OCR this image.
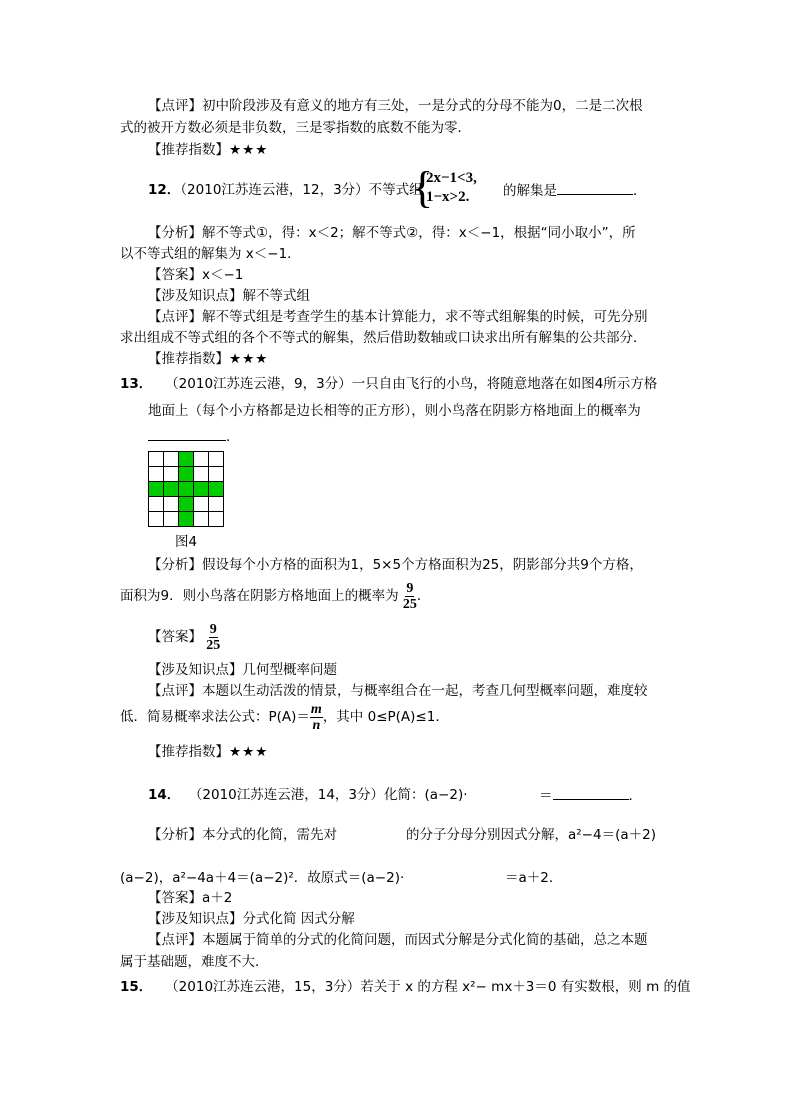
【点评】初中阶段涉及有意义的地方有三处，一是分式的分母不能为0，二是二次根
式的被开方数必须是非负数，三是零指数的底数不能为零．
【推荐指数】★★★
12．（2010江苏连云港，12，3分）不等式组
{
2x−1<3,
1−x>2. 的解集是	．
【分析】解不等式①，得：x＜2；解不等式②，得：x＜−1，根据“同小取小”，所
以不等式组的解集为 x＜−1．
【答案】x＜−1
【涉及知识点】解不等式组
【点评】解不等式组是考查学生的基本计算能力，求不等式组解集的时候，可先分别
求出组成不等式组的各个不等式的解集，然后借助数轴或口诀求出所有解集的公共部分．
【推荐指数】★★★
13． （2010江苏连云港，9，3分）一只自由飞行的小鸟，将随意地落在如图4所示方格
地面上（每个小方格都是边长相等的正方形），则小鸟落在阴影方格地面上的概率为
．

图4
【分析】假设每个小方格的面积为1，5×5个方格面积为25，阴影部分共9个方格，
面积为9．则小鸟落在阴影方格地面上的概率为 $\frac{9}{25}$ ．
【答案】 $\frac{9}{25}$
【涉及知识点】几何型概率问题
【点评】本题以生动活泼的情景，与概率组合在一起，考查几何型概率问题，难度较
低．简易概率求法公式：$P(A)= \frac{m}{n}$ ，其中 0≤P(A)≤1．
【推荐指数】★★★
14． （2010江苏连云港，14，3分）化简：(a−2)·	＝	．
【分析】本分式的化简，需先对	的分子分母分别因式分解，a²−4＝(a＋2)
(a−2)，a²−4a＋4＝(a−2)²．故原式＝(a−2)·	＝a＋2．
【答案】a＋2
【涉及知识点】分式化简 因式分解
【点评】本题属于简单的分式的化简问题，而因式分解是分式化简的基础，总之本题
属于基础题，难度不大．
15． （2010江苏连云港，15，3分）若关于 x 的方程 x²− mx＋3＝0 有实数根，则 m 的值
